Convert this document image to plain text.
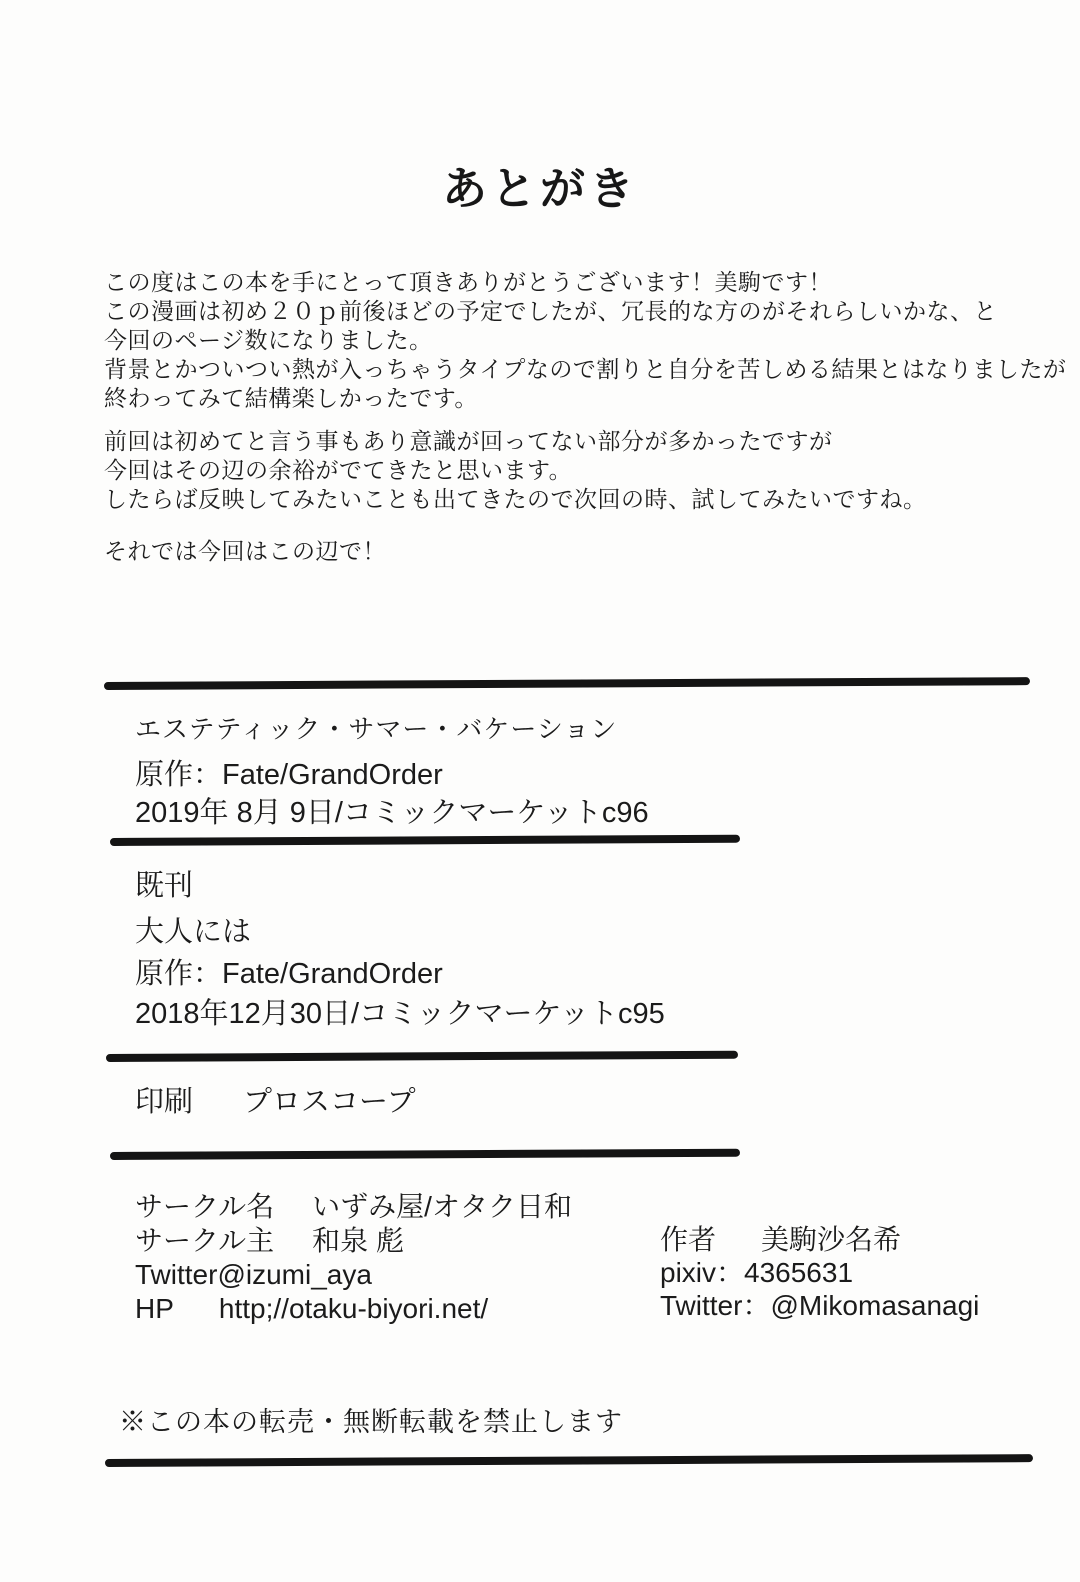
あとがき
この度はこの本を手にとって頂きありがとうございます！美駒です！
この漫画は初め２０ｐ前後ほどの予定でしたが、冗長的な方のがそれらしいかな、と
今回のページ数になりました。
背景とかついつい熱が入っちゃうタイプなので割りと自分を苦しめる結果とはなりましたが
終わってみて結構楽しかったです。
前回は初めてと言う事もあり意識が回ってない部分が多かったですが
今回はその辺の余裕がでてきたと思います。
したらば反映してみたいことも出てきたので次回の時、試してみたいですね。
それでは今回はこの辺で！
エステティック・サマー・バケーション
原作：Fate/GrandOrder
2019年 8月 9日/コミックマーケットc96
既刊
大人には
原作：Fate/GrandOrder
2018年12月30日/コミックマーケットc95
印刷 プロスコープ
サークル名 いずみ屋/オタク日和
サークル主 和泉 彪
Twitter@izumi_aya
HP http;//otaku-biyori.net/
作者 美駒沙名希
pixiv：4365631
Twitter：@Mikomasanagi
※この本の転売・無断転載を禁止します
